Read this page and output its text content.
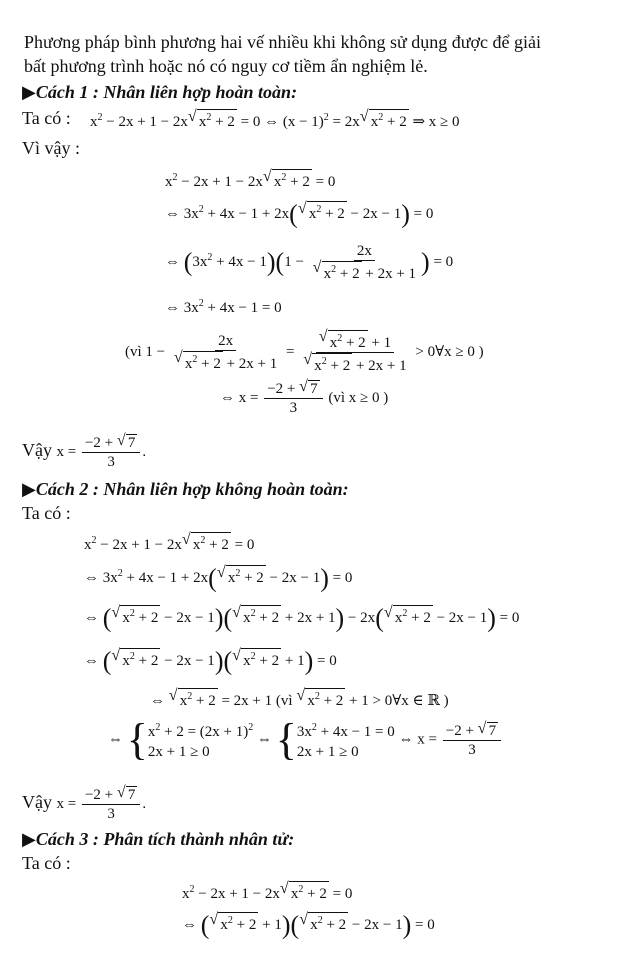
Phương pháp bình phương hai vế nhiều khi không sử dụng được để giải
bất phương trình hoặc nó có nguy cơ tiềm ẩn nghiệm lẻ.
▶Cách 1 : Nhân liên hợp hoàn toàn:
Ta có : $x^2 - 2x + 1 - 2x√$ $x^2 + 2 = 0$ ⇔ $(x - 1)^2 = 2x√$ $x^2 + 2$ ⇒ x ≥ 0
Vì vậy :
$x^2 - 2x + 1 - 2x√$ $x^2 + 2 = 0$
⇔ $3x^2 + 4x - 1 + 2x(√$ $x^2 + 2 - 2x - 1) = 0$
⇔ $(3x^2 + 4x - 1)(1 - 2x$
√ $x^2 + 2 + 2x + 1$ ) = 0
⇔ $3x^2 + 4x - 1 = 0$
(vì 1 − 2x
√ $x^2 + 2 + 2x + 1$ =
√ $x^2 + 2 + 1$
√ $x^2 + 2 + 2x + 1$ > 0∀x ≥ 0 )
⇔ $x = \frac{-2 + √ 7}{3}$ (vì x ≥ 0 )
Vậy $x = \frac{-2 + √ 7}{3}$ .
▶Cách 2 : Nhân liên hợp không hoàn toàn:
Ta có :
$x^2 - 2x + 1 - 2x√$ $x^2 + 2 = 0$
⇔ $3x^2 + 4x - 1 + 2x(√$ $x^2 + 2 - 2x - 1) = 0$
⇔ (√ $x^2 + 2 - 2x - 1)(√$ $x^2 + 2 + 2x + 1) - 2x(√$ $x^2 + 2 - 2x - 1) = 0$
⇔ (√ $x^2 + 2 - 2x - 1)(√$ $x^2 + 2 + 1) = 0$
⇔ √ $x^2 + 2 = 2x + 1$ (vì √ $x^2 + 2 + 1$ > 0∀x ∈ ℝ )
⇔ { $x^2 + 2 = (2x + 1)^2$
2x + 1 ≥ 0
⇔ { $3x^2 + 4x - 1 = 0$
2x + 1 ≥ 0
⇔ $x = \frac{-2 + √ 7}{3}$
Vậy $x = \frac{-2 + √ 7}{3}$ .
▶Cách 3 : Phân tích thành nhân tử:
Ta có :
$x^2 - 2x + 1 - 2x√$ $x^2 + 2 = 0$
⇔ (√ $x^2 + 2 + 1)(√$ $x^2 + 2 - 2x - 1) = 0$
